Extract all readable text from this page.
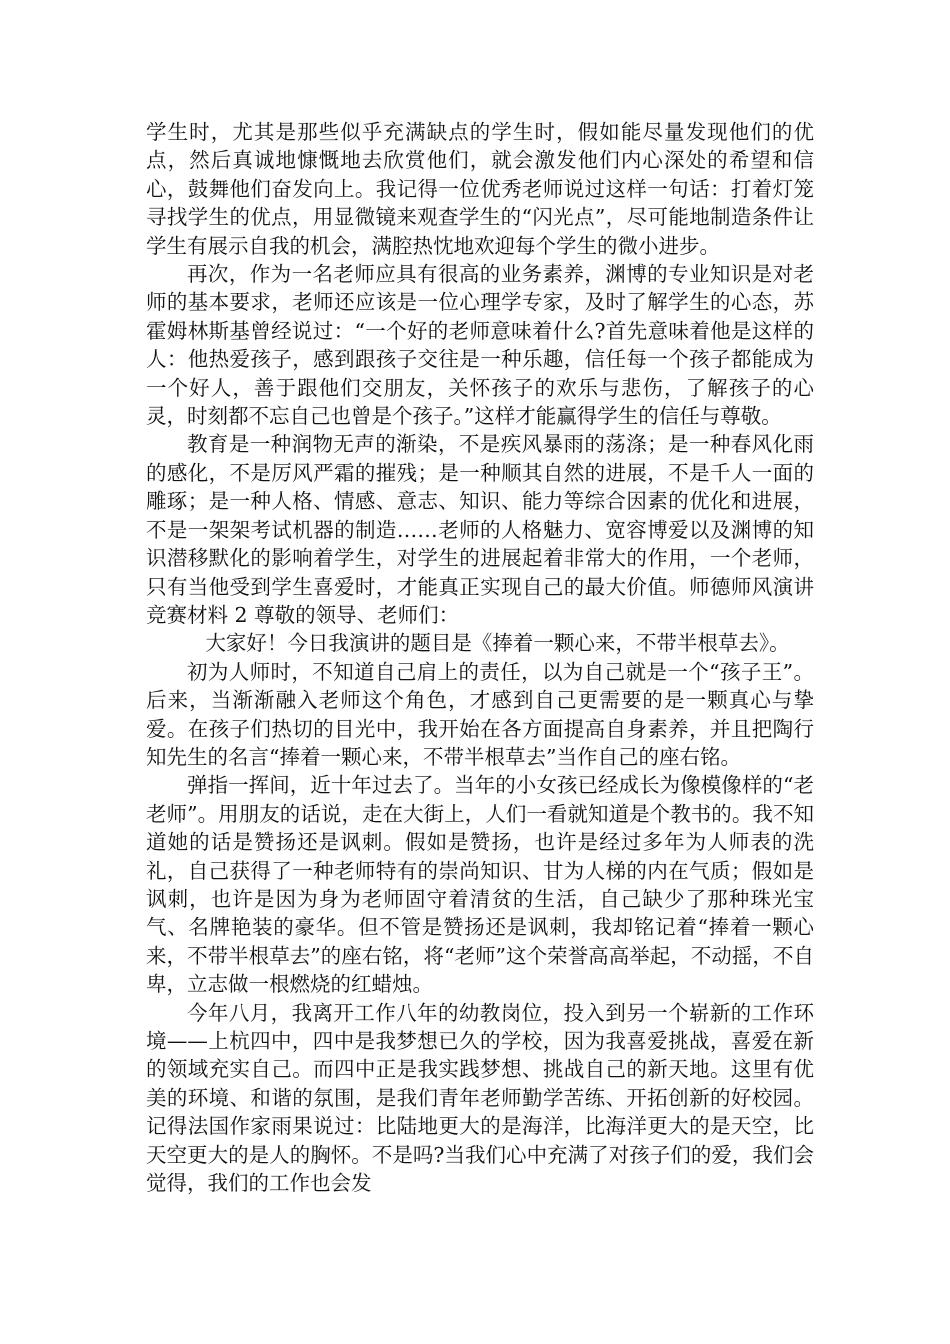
学生时，尤其是那些似乎充满缺点的学生时，假如能尽量发现他们的优点，然后真诚地慷慨地去欣赏他们，就会激发他们内心深处的希望和信心，鼓舞他们奋发向上。我记得一位优秀老师说过这样一句话：打着灯笼寻找学生的优点，用显微镜来观查学生的“闪光点”，尽可能地制造条件让学生有展示自我的机会，满腔热忱地欢迎每个学生的微小进步。

再次，作为一名老师应具有很高的业务素养，渊博的专业知识是对老师的基本要求，老师还应该是一位心理学专家，及时了解学生的心态，苏霍姆林斯基曾经说过：“一个好的老师意味着什么?首先意味着他是这样的人：他热爱孩子，感到跟孩子交往是一种乐趣，信任每一个孩子都能成为一个好人，善于跟他们交朋友，关怀孩子的欢乐与悲伤，了解孩子的心灵，时刻都不忘自己也曾是个孩子。”这样才能赢得学生的信任与尊敬。

教育是一种润物无声的渐染，不是疾风暴雨的荡涤；是一种春风化雨的感化，不是厉风严霜的摧残；是一种顺其自然的进展，不是千人一面的雕琢；是一种人格、情感、意志、知识、能力等综合因素的优化和进展，不是一架架考试机器的制造……老师的人格魅力、宽容博爱以及渊博的知识潜移默化的影响着学生，对学生的进展起着非常大的作用，一个老师，只有当他受到学生喜爱时，才能真正实现自己的最大价值。师德师风演讲竞赛材料 2 尊敬的领导、老师们：

大家好！今日我演讲的题目是《捧着一颗心来，不带半根草去》。

初为人师时，不知道自己肩上的责任，以为自己就是一个“孩子王”。后来，当渐渐融入老师这个角色，才感到自己更需要的是一颗真心与挚爱。在孩子们热切的目光中，我开始在各方面提高自身素养，并且把陶行知先生的名言“捧着一颗心来，不带半根草去”当作自己的座右铭。

弹指一挥间，近十年过去了。当年的小女孩已经成长为像模像样的“老老师”。用朋友的话说，走在大街上，人们一看就知道是个教书的。我不知道她的话是赞扬还是讽刺。假如是赞扬，也许是经过多年为人师表的洗礼，自己获得了一种老师特有的崇尚知识、甘为人梯的内在气质；假如是讽刺，也许是因为身为老师固守着清贫的生活，自己缺少了那种珠光宝气、名牌艳装的豪华。但不管是赞扬还是讽刺，我却铭记着“捧着一颗心来，不带半根草去”的座右铭，将“老师”这个荣誉高高举起，不动摇，不自卑，立志做一根燃烧的红蜡烛。

今年八月，我离开工作八年的幼教岗位，投入到另一个崭新的工作环境——上杭四中，四中是我梦想已久的学校，因为我喜爱挑战，喜爱在新的领域充实自己。而四中正是我实践梦想、挑战自己的新天地。这里有优美的环境、和谐的氛围，是我们青年老师勤学苦练、开拓创新的好校园。记得法国作家雨果说过：比陆地更大的是海洋，比海洋更大的是天空，比天空更大的是人的胸怀。不是吗?当我们心中充满了对孩子们的爱，我们会觉得，我们的工作也会发
